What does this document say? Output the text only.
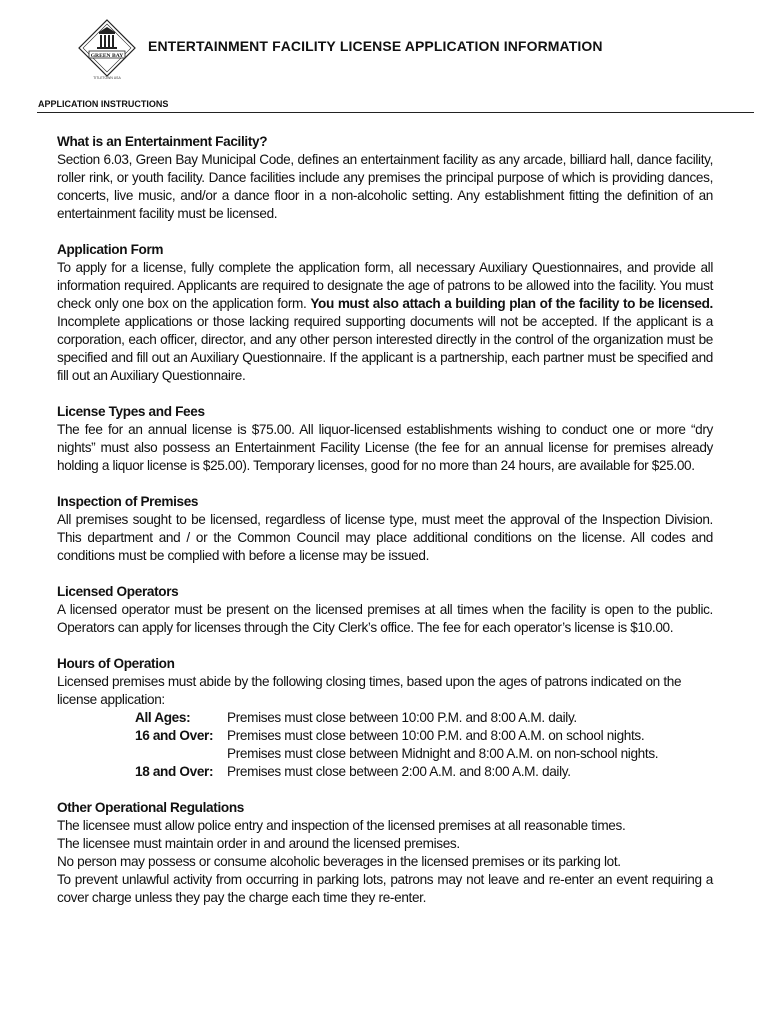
GREEN BAY
TITLETOWN USA
ENTERTAINMENT FACILITY LICENSE APPLICATION INFORMATION
APPLICATION INSTRUCTIONS
What is an Entertainment Facility?

Section 6.03, Green Bay Municipal Code, defines an entertainment facility as any arcade, billiard hall, dance facility, roller rink, or youth facility. Dance facilities include any premises the principal purpose of which is providing dances, concerts, live music, and/or a dance floor in a non-alcoholic setting. Any establishment fitting the definition of an entertainment facility must be licensed.

Application Form

To apply for a license, fully complete the application form, all necessary Auxiliary Questionnaires, and provide all information required. Applicants are required to designate the age of patrons to be allowed into the facility. You must check only one box on the application form. You must also attach a building plan of the facility to be licensed. Incomplete applications or those lacking required supporting documents will not be accepted. If the applicant is a corporation, each officer, director, and any other person interested directly in the control of the organization must be specified and fill out an Auxiliary Questionnaire. If the applicant is a partnership, each partner must be specified and fill out an Auxiliary Questionnaire.

License Types and Fees

The fee for an annual license is $75.00. All liquor-licensed establishments wishing to conduct one or more “dry nights” must also possess an Entertainment Facility License (the fee for an annual license for premises already holding a liquor license is $25.00). Temporary licenses, good for no more than 24 hours, are available for $25.00.

Inspection of Premises

All premises sought to be licensed, regardless of license type, must meet the approval of the Inspection Division. This department and / or the Common Council may place additional conditions on the license. All codes and conditions must be complied with before a license may be issued.

Licensed Operators

A licensed operator must be present on the licensed premises at all times when the facility is open to the public. Operators can apply for licenses through the City Clerk’s office. The fee for each operator’s license is $10.00.

Hours of Operation

Licensed premises must abide by the following closing times, based upon the ages of patrons indicated on the license application:

All Ages:	Premises must close between 10:00 P.M. and 8:00 A.M. daily.
16 and Over:	Premises must close between 10:00 P.M. and 8:00 A.M. on school nights.
	Premises must close between Midnight and 8:00 A.M. on non-school nights.
18 and Over:	Premises must close between 2:00 A.M. and 8:00 A.M. daily.
Other Operational Regulations

The licensee must allow police entry and inspection of the licensed premises at all reasonable times.

The licensee must maintain order in and around the licensed premises.

No person may possess or consume alcoholic beverages in the licensed premises or its parking lot.

To prevent unlawful activity from occurring in parking lots, patrons may not leave and re-enter an event requiring a cover charge unless they pay the charge each time they re-enter.
